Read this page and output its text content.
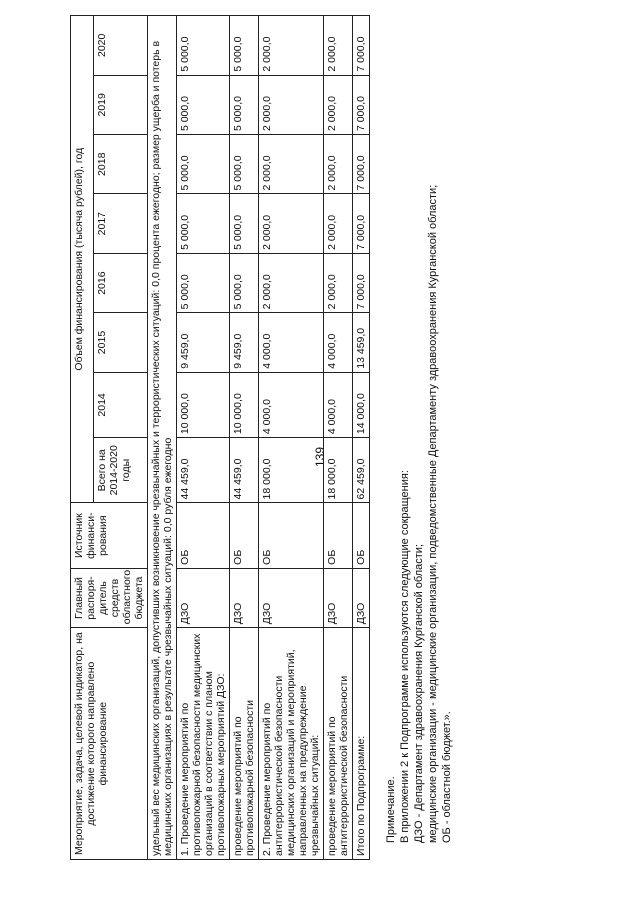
139
Мероприятие, задача, целевой индикатор, на достижение которого направлено финансирование	Главный распоря-дитель средств областного бюджета	Источник финанси-рования	Объем финансирования (тысяча рублей), год							
			Всего на 2014-2020 годы	2014	2015	2016	2017	2018	2019	2020
удельный вес медицинских организаций, допустивших возникновение чрезвычайных и террористических ситуаций: 0,0 процента ежегодно; размер ущерба и потерь в медицинских организациях в результате чрезвычайных ситуаций: 0,0 рубля ежегодно										
1. Проведение мероприятий по противопожарной безопасности медицинских организаций в соответствии с планом противопожарных мероприятий ДЗО:	ДЗО	ОБ	44 459,0	10 000,0	9 459,0	5 000,0	5 000,0	5 000,0	5 000,0	5 000,0
проведение мероприятий по противопожарной безопасности	ДЗО	ОБ	44 459,0	10 000,0	9 459,0	5 000,0	5 000,0	5 000,0	5 000,0	5 000,0
2. Проведение мероприятий по антитеррористической безопасности медицинских организаций и мероприятий, направленных на предупреждение чрезвычайных ситуаций:	ДЗО	ОБ	18 000,0	4 000,0	4 000,0	2 000,0	2 000,0	2 000,0	2 000,0	2 000,0
проведение мероприятий по антитеррористической безопасности	ДЗО	ОБ	18 000,0	4 000,0	4 000,0	2 000,0	2 000,0	2 000,0	2 000,0	2 000,0
Итого по Подпрограмме:	ДЗО	ОБ	62 459,0	14 000,0	13 459,0	7 000,0	7 000,0	7 000,0	7 000,0	7 000,0
Примечание. В приложении 2 к Подпрограмме используются следующие сокращения: ДЗО - Департамент здравоохранения Курганской области; медицинские организации - медицинские организации, подведомственные Департаменту здравоохранения Курганской области; ОБ - областной бюджет.».
